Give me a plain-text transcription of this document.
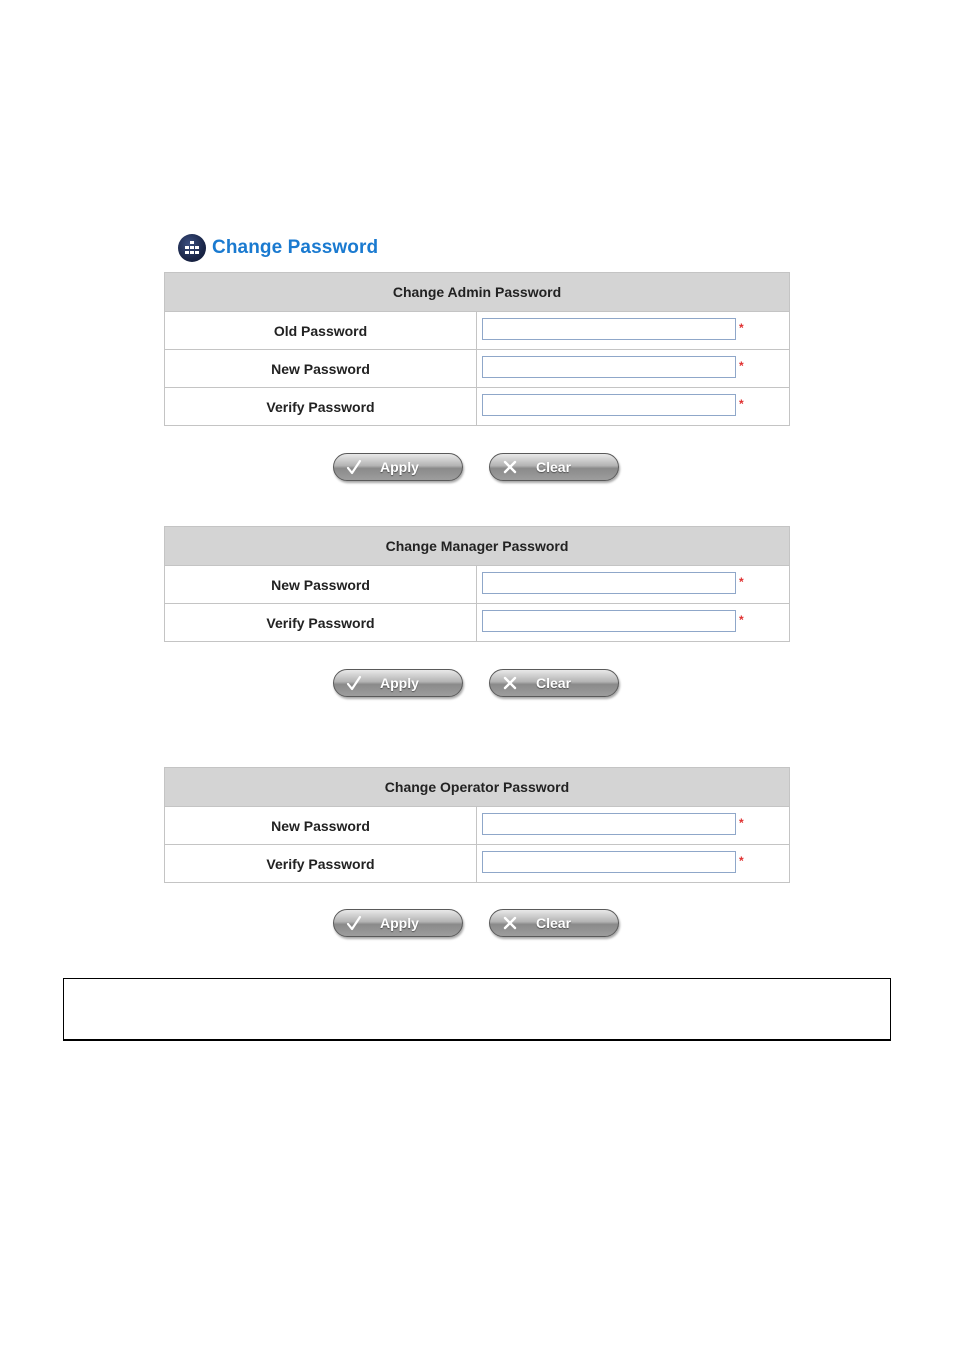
Change Password
Change Admin Password	
Old Password	*

New Password	*

Verify Password	*
Apply	Clear
Change Manager Password	
New Password	*

Verify Password	*
Apply	Clear
Change Operator Password	
New Password	*

Verify Password	*
Apply	Clear
